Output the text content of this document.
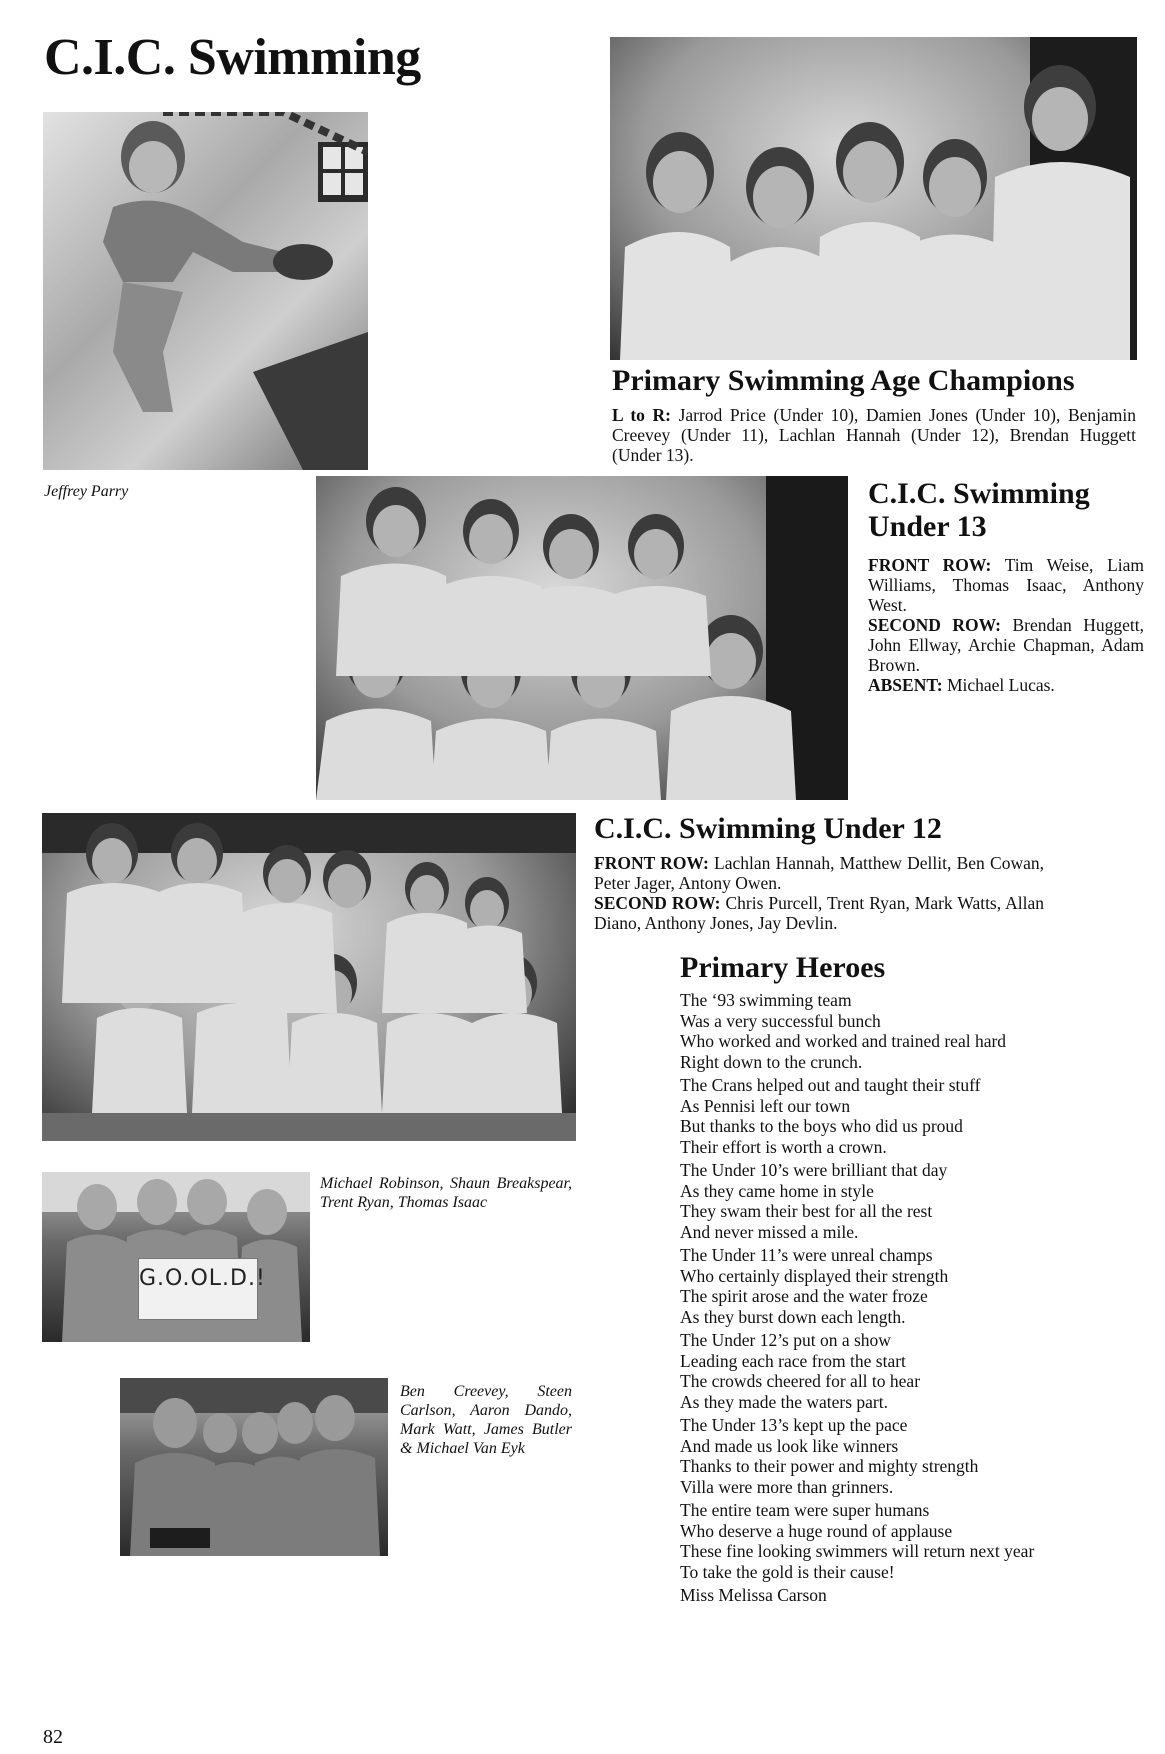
C.I.C. Swimming
Jeffrey Parry
Primary Swimming Age Champions
L to R: Jarrod Price (Under 10), Damien Jones (Under 10), Benjamin Creevey (Under 11), Lachlan Hannah (Under 12), Brendan Huggett (Under 13).
C.I.C. Swimming
Under 13
FRONT ROW: Tim Weise, Liam Williams, Thomas Isaac, Anthony West.
SECOND ROW: Brendan Huggett, John Ellway, Archie Chapman, Adam Brown.
ABSENT: Michael Lucas.
C.I.C. Swimming Under 12
FRONT ROW: Lachlan Hannah, Matthew Dellit, Ben Cowan, Peter Jager, Antony Owen.
SECOND ROW: Chris Purcell, Trent Ryan, Mark Watts, Allan Diano, Anthony Jones, Jay Devlin.
G.O.OL.D.!
Michael Robinson, Shaun Breakspear, Trent Ryan, Thomas Isaac
Ben Creevey, Steen Carlson, Aaron Dando, Mark Watt, James Butler & Michael Van Eyk
Primary Heroes
The ‘93 swimming team
Was a very successful bunch
Who worked and worked and trained real hard
Right down to the crunch.
The Crans helped out and taught their stuff
As Pennisi left our town
But thanks to the boys who did us proud
Their effort is worth a crown.
The Under 10’s were brilliant that day
As they came home in style
They swam their best for all the rest
And never missed a mile.
The Under 11’s were unreal champs
Who certainly displayed their strength
The spirit arose and the water froze
As they burst down each length.
The Under 12’s put on a show
Leading each race from the start
The crowds cheered for all to hear
As they made the waters part.
The Under 13’s kept up the pace
And made us look like winners
Thanks to their power and mighty strength
Villa were more than grinners.
The entire team were super humans
Who deserve a huge round of applause
These fine looking swimmers will return next year
To take the gold is their cause!
Miss Melissa Carson
82
